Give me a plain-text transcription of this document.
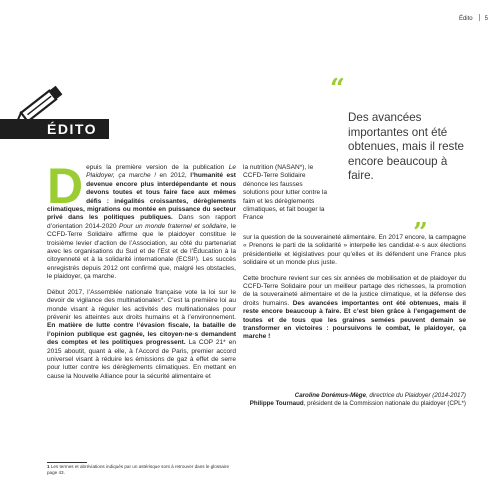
Édito 5
ÉDITO
“
Des avancées importantes ont été obtenues, mais il reste encore beaucoup à faire.
”

Depuis la première version de la publication Le Plaidoyer, ça marche ! en 2012, l’humanité est devenue encore plus interdépendante et nous devons toutes et tous faire face aux mêmes défis : inégalités croissantes, dérèglements climatiques, migrations ou montée en puissance du secteur privé dans les politiques publiques. Dans son rapport d’orientation 2014-2020 Pour un monde fraternel et solidaire, le CCFD-Terre Solidaire affirme que le plaidoyer constitue le troisième levier d’action de l’Association, au côté du partenariat avec les organisations du Sud et de l’Est et de l’Éducation à la citoyenneté et à la solidarité internationale (ECSI¹). Les succès enregistrés depuis 2012 ont confirmé que, malgré les obstacles, le plaidoyer, ça marche.

Début 2017, l’Assemblée nationale française vote la loi sur le devoir de vigilance des multinationales*. C’est la première loi au monde visant à réguler les activités des multinationales pour prévenir les atteintes aux droits humains et à l’environnement. En matière de lutte contre l’évasion fiscale, la bataille de l’opinion publique est gagnée, les citoyen·ne·s demandent des comptes et les politiques progressent. La COP 21* en 2015 aboutit, quant à elle, à l’Accord de Paris, premier accord universel visant à réduire les émissions de gaz à effet de serre pour lutter contre les dérèglements climatiques. En mettant en cause la Nouvelle Alliance pour la sécurité alimentaire et

la nutrition (NASAN*), le CCFD-Terre Solidaire dénonce les fausses solutions pour lutter contre la faim et les dérèglements climatiques, et fait bouger la France

sur la question de la souveraineté alimentaire. En 2017 encore, la campagne « Prenons le parti de la solidarité » interpelle les candidat·e·s aux élections présidentielle et législatives pour qu’elles et ils défendent une France plus solidaire et un monde plus juste.

Cette brochure revient sur ces six années de mobilisation et de plaidoyer du CCFD-Terre Solidaire pour un meilleur partage des richesses, la promotion de la souveraineté alimentaire et de la justice climatique, et la défense des droits humains. Des avancées importantes ont été obtenues, mais il reste encore beaucoup à faire. Et c’est bien grâce à l’engagement de toutes et de tous que les graines semées peuvent demain se transformer en victoires : poursuivons le combat, le plaidoyer, ça marche !

Caroline Dorémus-Mège, directrice du Plaidoyer (2014-2017)
Philippe Tournaud, président de la Commission nationale du plaidoyer (CPL*)
1 Les termes et abréviations indiqués par un astérisque sont à retrouver dans le glossaire page 43.
